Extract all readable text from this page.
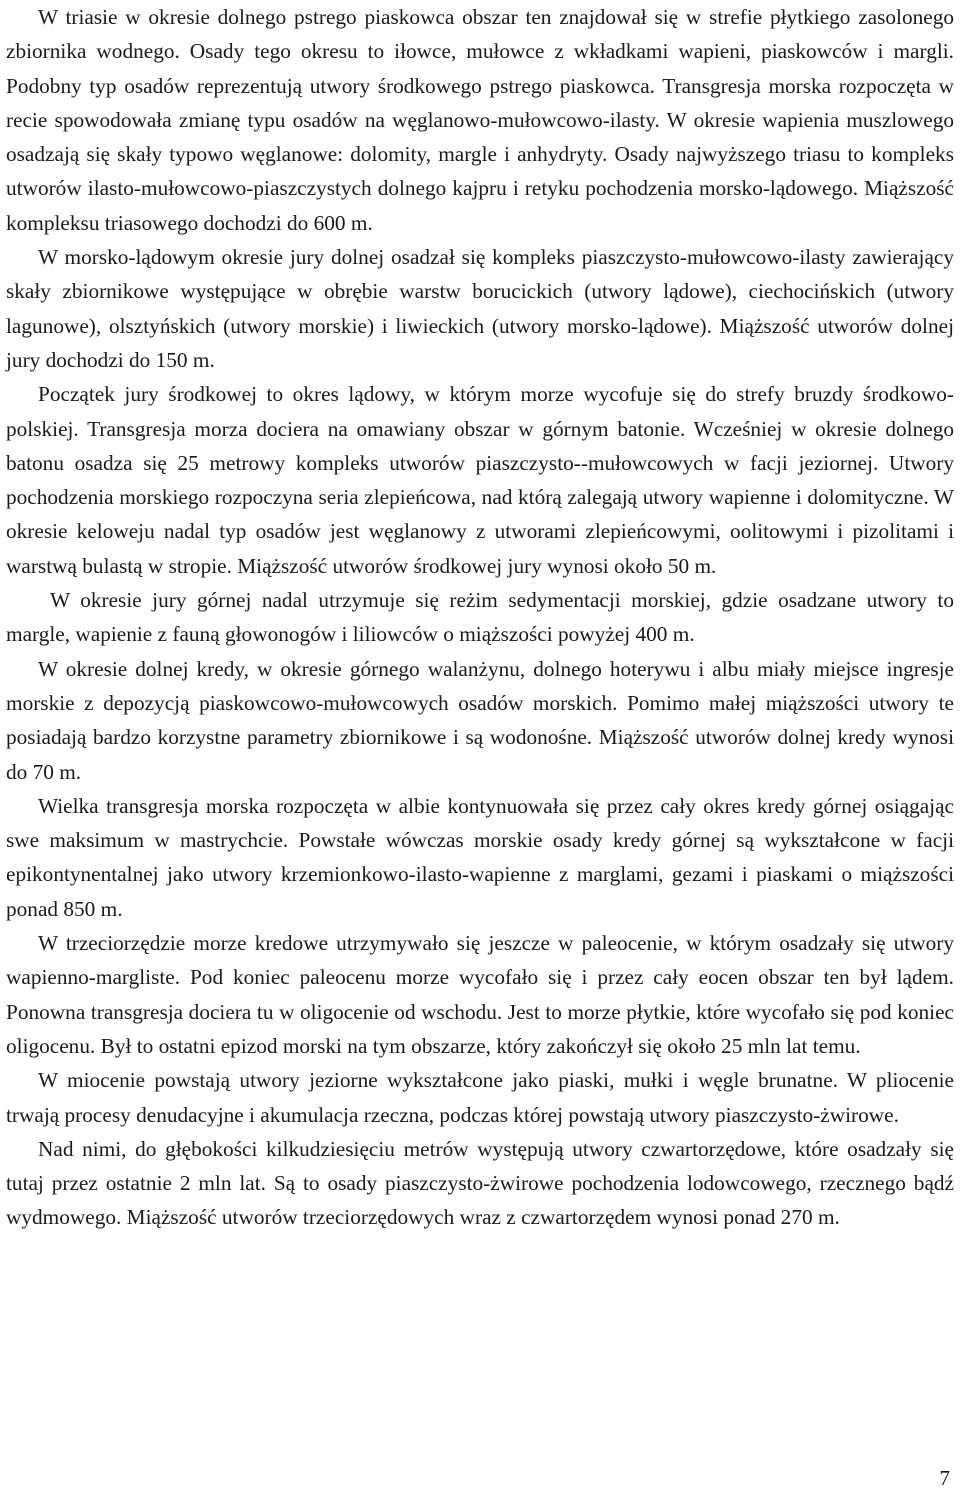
W triasie w okresie dolnego pstrego piaskowca obszar ten znajdował się w strefie płytkiego zasolonego zbiornika wodnego. Osady tego okresu to iłowce, mułowce z wkładkami wapieni, piaskowców i margli. Podobny typ osadów reprezentują utwory środkowego pstrego piaskowca. Transgresja morska rozpoczęta w recie spowodowała zmianę typu osadów na węglanowo-mułowcowo-ilasty. W okresie wapienia muszlowego osadzają się skały typowo węglanowe: dolomity, margle i anhydryty. Osady najwyższego triasu to kompleks utworów ilasto-mułowcowo-piaszczystych dolnego kajpru i retyku pochodzenia morsko-lądowego. Miąższość kompleksu triasowego dochodzi do 600 m.

W morsko-lądowym okresie jury dolnej osadzał się kompleks piaszczysto-mułowcowo-ilasty zawierający skały zbiornikowe występujące w obrębie warstw borucickich (utwory lądowe), ciechocińskich (utwory lagunowe), olsztyńskich (utwory morskie) i liwieckich (utwory morsko-lądowe). Miąższość utworów dolnej jury dochodzi do 150 m.

Początek jury środkowej to okres lądowy, w którym morze wycofuje się do strefy bruzdy środkowo-polskiej. Transgresja morza dociera na omawiany obszar w górnym batonie. Wcześniej w okresie dolnego batonu osadza się 25 metrowy kompleks utworów piaszczysto--mułowcowych w facji jeziornej. Utwory pochodzenia morskiego rozpoczyna seria zlepieńcowa, nad którą zalegają utwory wapienne i dolomityczne. W okresie keloweju nadal typ osadów jest węglanowy z utworami zlepieńcowymi, oolitowymi i pizolitami i warstwą bulastą w stropie. Miąższość utworów środkowej jury wynosi około 50 m.

W okresie jury górnej nadal utrzymuje się reżim sedymentacji morskiej, gdzie osadzane utwory to margle, wapienie z fauną głowonogów i liliowców o miąższości powyżej 400 m.

W okresie dolnej kredy, w okresie górnego walanżynu, dolnego hoterywu i albu miały miejsce ingresje morskie z depozycją piaskowcowo-mułowcowych osadów morskich. Pomimo małej miąższości utwory te posiadają bardzo korzystne parametry zbiornikowe i są wodonośne. Miąższość utworów dolnej kredy wynosi do 70 m.

Wielka transgresja morska rozpoczęta w albie kontynuowała się przez cały okres kredy górnej osiągając swe maksimum w mastrychcie. Powstałe wówczas morskie osady kredy górnej są wykształcone w facji epikontynentalnej jako utwory krzemionkowo-ilasto-wapienne z marglami, gezami i piaskami o miąższości ponad 850 m.

W trzeciorzędzie morze kredowe utrzymywało się jeszcze w paleocenie, w którym osadzały się utwory wapienno-margliste. Pod koniec paleocenu morze wycofało się i przez cały eocen obszar ten był lądem. Ponowna transgresja dociera tu w oligocenie od wschodu. Jest to morze płytkie, które wycofało się pod koniec oligocenu. Był to ostatni epizod morski na tym obszarze, który zakończył się około 25 mln lat temu.

W miocenie powstają utwory jeziorne wykształcone jako piaski, mułki i węgle brunatne. W pliocenie trwają procesy denudacyjne i akumulacja rzeczna, podczas której powstają utwory piaszczysto-żwirowe.

Nad nimi, do głębokości kilkudziesięciu metrów występują utwory czwartorzędowe, które osadzały się tutaj przez ostatnie 2 mln lat. Są to osady piaszczysto-żwirowe pochodzenia lodowcowego, rzecznego bądź wydmowego. Miąższość utworów trzeciorzędowych wraz z czwartorzędem wynosi ponad 270 m.

7
